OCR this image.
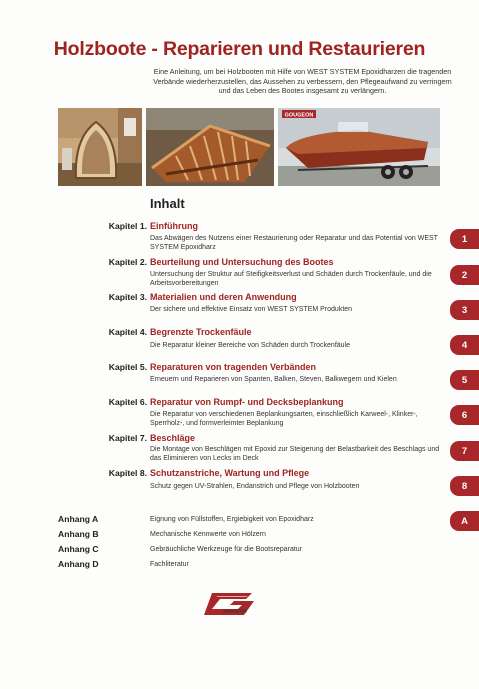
Holzboote - Reparieren und Restaurieren
Eine Anleitung, um bei Holzbooten mit Hilfe von WEST SYSTEM Epoxidharzen die tragenden Verbände wiederherzustellen, das Aussehen zu verbessern, den Pflegeaufwand zu verringern und das Leben des Bootes insgesamt zu verlängern.
GOUGEON
Inhalt
Kapitel 1. Einführung
Das Abwägen des Nutzens einer Restaurierung oder Reparatur und das Potential von WEST SYSTEM Epoxidharz
1
Kapitel 2. Beurteilung und Untersuchung des Bootes
Untersuchung der Struktur auf Steifigkeitsverlust und Schäden durch Trockenfäule, und die Arbeitsvorbereitungen
2
Kapitel 3. Materialien und deren Anwendung
Der sichere und effektive Einsatz von WEST SYSTEM Produkten	3
Kapitel 4. Begrenzte Trockenfäule
Die Reparatur kleiner Bereiche von Schäden durch Trockenfäule	4
Kapitel 5. Reparaturen von tragenden Verbänden
Erneuern und Reparieren von Spanten, Balken, Steven, Balkwegern und Kielen	5
Kapitel 6. Reparatur von Rumpf- und Decksbeplankung
Die Reparatur von verschiedenen Beplankungsarten, einschließlich Karweel-, Klinker-, Sperrholz-, und formverleimter Beplankung
6
Kapitel 7. Beschläge
Die Montage von Beschlägen mit Epoxid zur Steigerung der Belastbarkeit des Beschlags und das Eliminieren von Lecks im Deck
7
Kapitel 8. Schutzanstriche, Wartung und Pflege
Schutz gegen UV-Strahlen, Endanstrich und Pflege von Holzbooten	8
Anhang A	Eignung von Füllstoffen, Ergiebigkeit von Epoxidharz	A
Anhang B	Mechanische Kennwerte von Hölzern
Anhang C	Gebräuchliche Werkzeuge für die Bootsreparatur
Anhang D	Fachliteratur
GOUGEON
